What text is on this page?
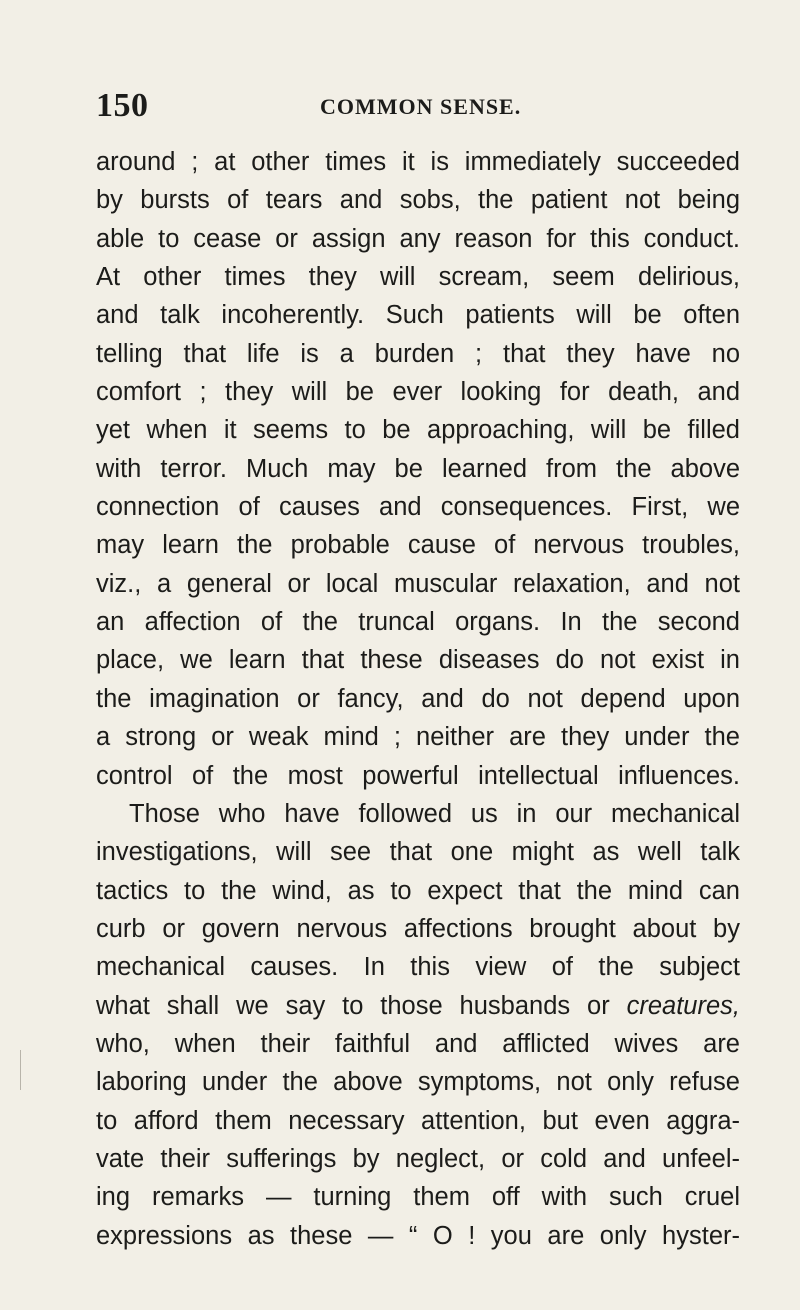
150	COMMON SENSE.
around ; at other times it is immediately succeeded
by bursts of tears and sobs, the patient not being
able to cease or assign any reason for this conduct.
At other times they will scream, seem delirious,
and talk incoherently. Such patients will be often
telling that life is a burden ; that they have no
comfort ; they will be ever looking for death, and
yet when it seems to be approaching, will be filled
with terror. Much may be learned from the above
connection of causes and consequences. First, we
may learn the probable cause of nervous troubles,
viz., a general or local muscular relaxation, and not
an affection of the truncal organs. In the second
place, we learn that these diseases do not exist in
the imagination or fancy, and do not depend upon
a strong or weak mind ; neither are they under the
control of the most powerful intellectual influences.
Those who have followed us in our mechanical
investigations, will see that one might as well talk
tactics to the wind, as to expect that the mind can
curb or govern nervous affections brought about by
mechanical causes. In this view of the subject
what shall we say to those husbands or creatures,
who, when their faithful and afflicted wives are
laboring under the above symptoms, not only refuse
to afford them necessary attention, but even aggra-
vate their sufferings by neglect, or cold and unfeel-
ing remarks — turning them off with such cruel
expressions as these — “ O ! you are only hyster-
